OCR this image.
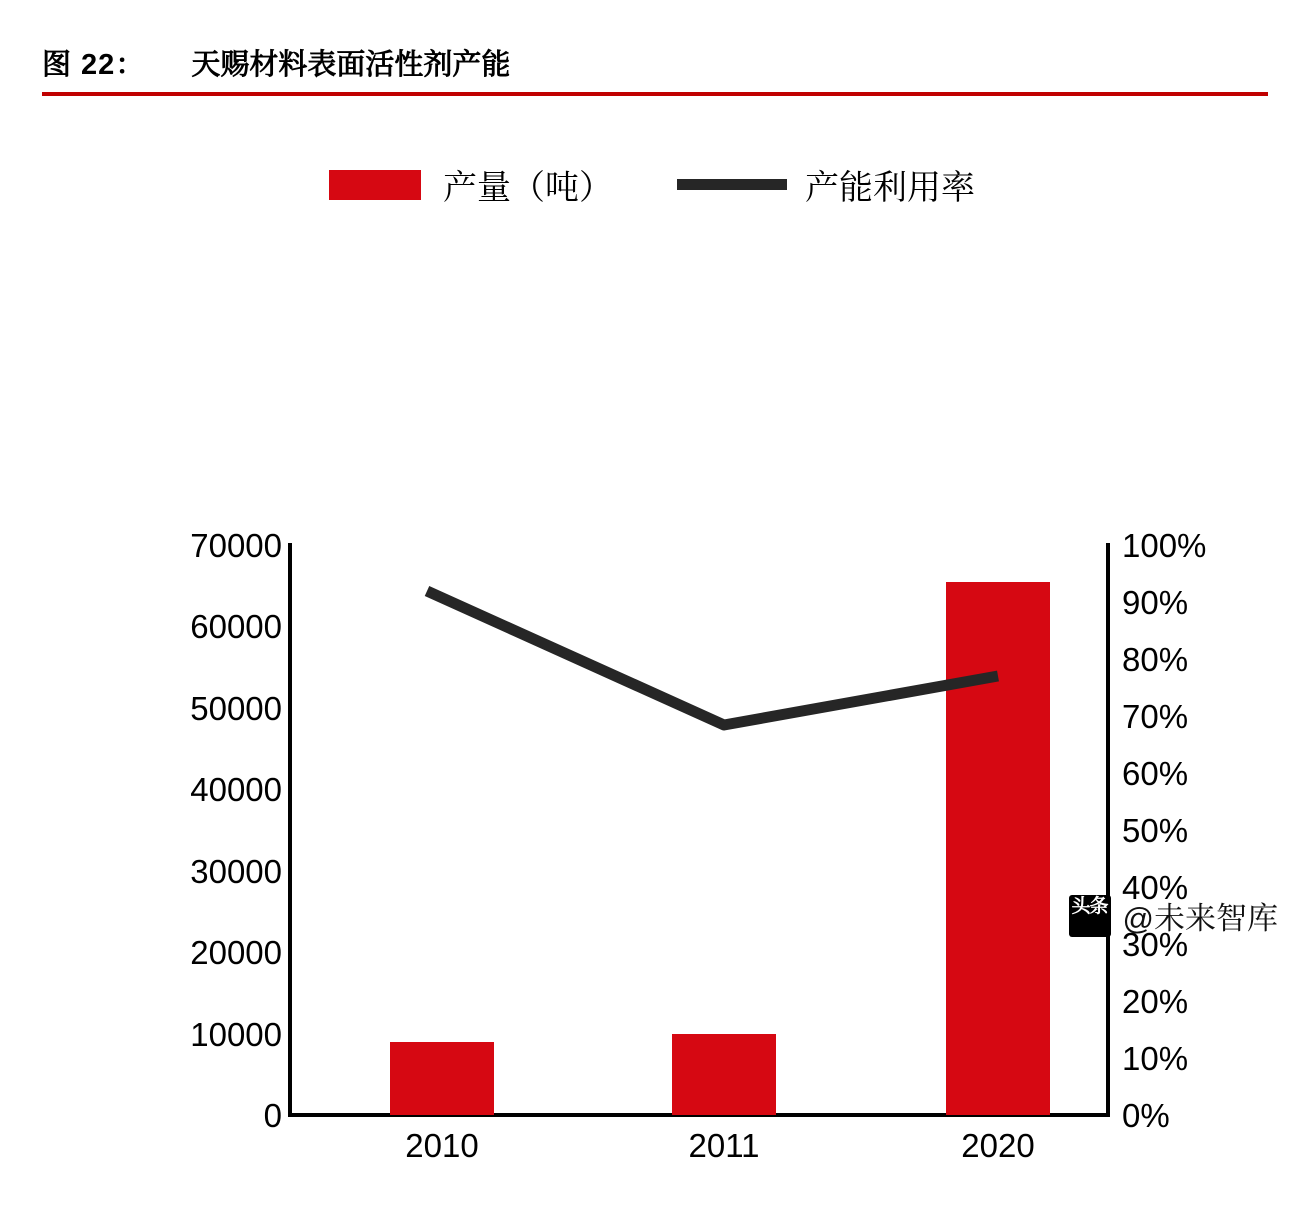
图 22： 天赐材料表面活性剂产能
产量（吨）	产能利用率
70000
60000
50000
40000
30000
20000
10000
0
100%
90%
80%
70%
60%
50%
40%
30%
20%
10%
0%
2010	2011	2020
头条 @未来智库
